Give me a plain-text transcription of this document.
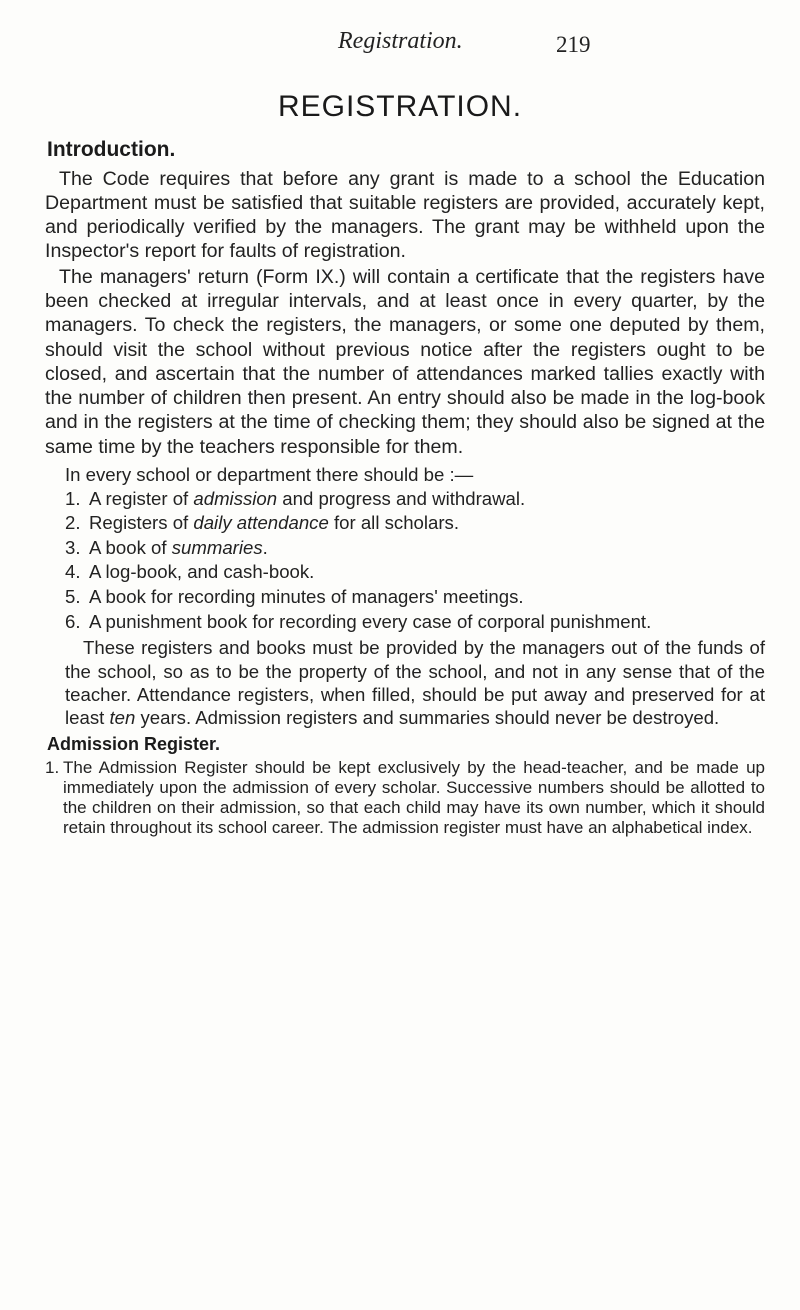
Registration.	219
REGISTRATION.
Introduction.

The Code requires that before any grant is made to a school the Education Department must be satisfied that suitable registers are provided, accurately kept, and periodically verified by the managers. The grant may be withheld upon the Inspector's report for faults of registration.

The managers' return (Form IX.) will contain a certificate that the registers have been checked at irregular intervals, and at least once in every quarter, by the managers. To check the registers, the managers, or some one deputed by them, should visit the school without previous notice after the registers ought to be closed, and ascertain that the number of attendances marked tallies exactly with the number of children then present. An entry should also be made in the log-book and in the registers at the time of checking them; they should also be signed at the same time by the teachers responsible for them.

In every school or department there should be :—

1. A register of admission and progress and withdrawal.
2. Registers of daily attendance for all scholars.
3. A book of summaries.
4. A log-book, and cash-book.
5. A book for recording minutes of managers' meetings.
6. A punishment book for recording every case of corporal punishment.

These registers and books must be provided by the managers out of the funds of the school, so as to be the property of the school, and not in any sense that of the teacher. Attendance registers, when filled, should be put away and preserved for at least ten years. Admission registers and summaries should never be destroyed.

Admission Register.

1. The Admission Register should be kept exclusively by the head-teacher, and be made up immediately upon the admission of every scholar. Successive numbers should be allotted to the children on their admission, so that each child may have its own number, which it should retain throughout its school career. The admission register must have an alphabetical index.
